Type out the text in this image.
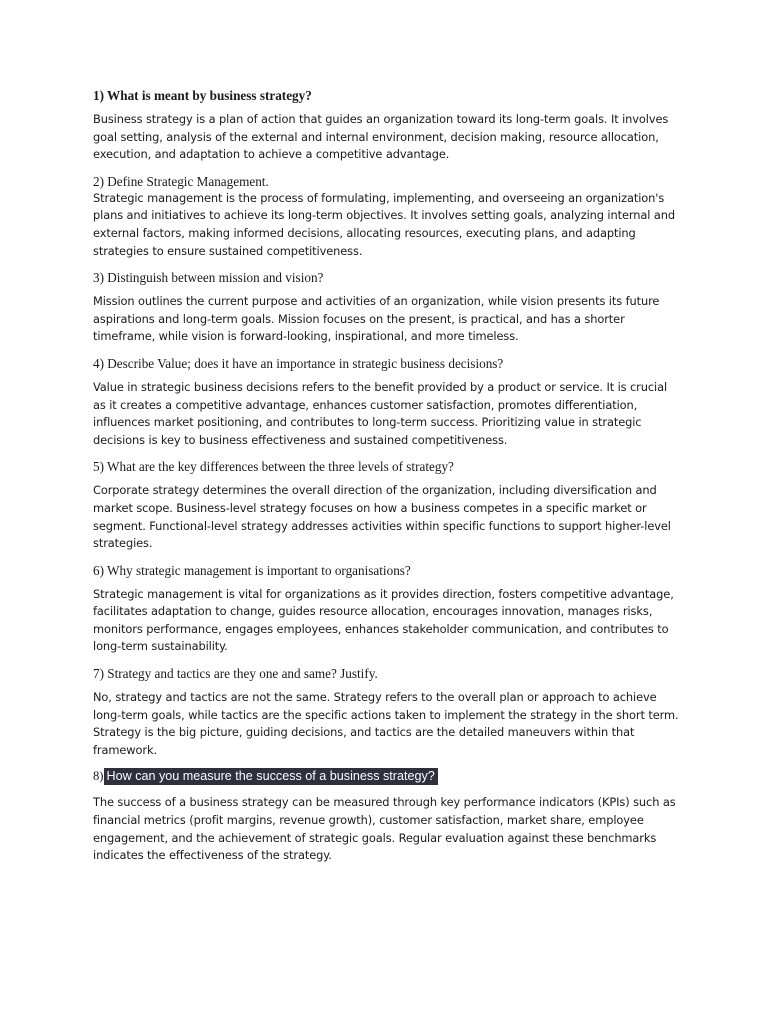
1) What is meant by business strategy?
Business strategy is a plan of action that guides an organization toward its long-term goals. It involves goal setting, analysis of the external and internal environment, decision making, resource allocation, execution, and adaptation to achieve a competitive advantage.
2) Define Strategic Management.
Strategic management is the process of formulating, implementing, and overseeing an organization's plans and initiatives to achieve its long-term objectives. It involves setting goals, analyzing internal and external factors, making informed decisions, allocating resources, executing plans, and adapting strategies to ensure sustained competitiveness.
3) Distinguish between mission and vision?
Mission outlines the current purpose and activities of an organization, while vision presents its future aspirations and long-term goals. Mission focuses on the present, is practical, and has a shorter timeframe, while vision is forward-looking, inspirational, and more timeless.
4) Describe Value; does it have an importance in strategic business decisions?
Value in strategic business decisions refers to the benefit provided by a product or service. It is crucial as it creates a competitive advantage, enhances customer satisfaction, promotes differentiation, influences market positioning, and contributes to long-term success. Prioritizing value in strategic decisions is key to business effectiveness and sustained competitiveness.
5) What are the key differences between the three levels of strategy?
Corporate strategy determines the overall direction of the organization, including diversification and market scope. Business-level strategy focuses on how a business competes in a specific market or segment. Functional-level strategy addresses activities within specific functions to support higher-level strategies.
6) Why strategic management is important to organisations?
Strategic management is vital for organizations as it provides direction, fosters competitive advantage, facilitates adaptation to change, guides resource allocation, encourages innovation, manages risks, monitors performance, engages employees, enhances stakeholder communication, and contributes to long-term sustainability.
7) Strategy and tactics are they one and same? Justify.
No, strategy and tactics are not the same. Strategy refers to the overall plan or approach to achieve long-term goals, while tactics are the specific actions taken to implement the strategy in the short term. Strategy is the big picture, guiding decisions, and tactics are the detailed maneuvers within that framework.
8) How can you measure the success of a business strategy?
The success of a business strategy can be measured through key performance indicators (KPIs) such as financial metrics (profit margins, revenue growth), customer satisfaction, market share, employee engagement, and the achievement of strategic goals. Regular evaluation against these benchmarks indicates the effectiveness of the strategy.
